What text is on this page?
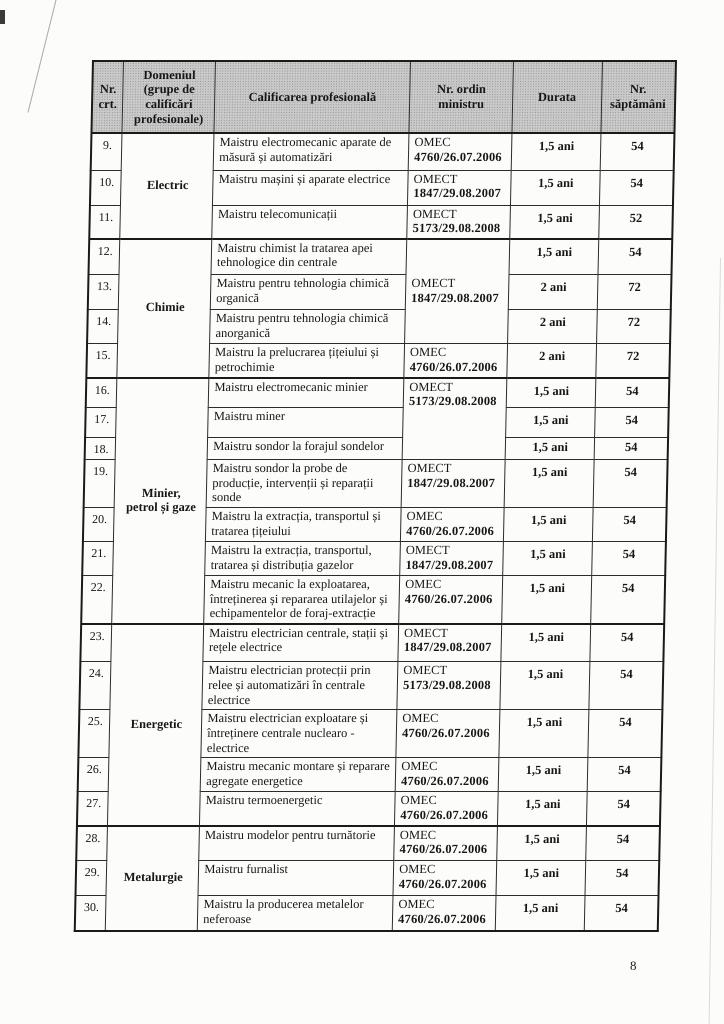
Nr.
crt.	Domeniul
(grupe de
calificări
profesionale)	Calificarea profesională	Nr. ordin
ministru	Durata	Nr.
săptămâni
9.	Electric	Maistru electromecanic aparate de măsură și automatizări	OMEC
4760/26.07.2006	1,5 ani	54
10.		Maistru mașini și aparate electrice	OMECT
1847/29.08.2007	1,5 ani	54
11.		Maistru telecomunicații	OMECT
5173/29.08.2008	1,5 ani	52
12.	Chimie	Maistru chimist la tratarea apei tehnologice din centrale	OMECT
1847/29.08.2007	1,5 ani	54
13.		Maistru pentru tehnologia chimică organică		2 ani	72
14.		Maistru pentru tehnologia chimică anorganică		2 ani	72
15.		Maistru la prelucrarea țițeiului și petrochimie	OMEC
4760/26.07.2006	2 ani	72
16.	Minier,
petrol și gaze	Maistru electromecanic minier	OMECT
5173/29.08.2008	1,5 ani	54
17.		Maistru miner		1,5 ani	54
18.		Maistru sondor la forajul sondelor		1,5 ani	54
19.		Maistru sondor la probe de producție, intervenții și reparații sonde	OMECT
1847/29.08.2007	1,5 ani	54
20.		Maistru la extracția, transportul și tratarea țițeiului	OMEC
4760/26.07.2006	1,5 ani	54
21.		Maistru la extracția, transportul, tratarea și distribuția gazelor	OMECT
1847/29.08.2007	1,5 ani	54
22.		Maistru mecanic la exploatarea, întreținerea și repararea utilajelor și echipamentelor de foraj-extracție	OMEC
4760/26.07.2006	1,5 ani	54
23.	Energetic	Maistru electrician centrale, stații și rețele electrice	OMECT
1847/29.08.2007	1,5 ani	54
24.		Maistru electrician protecții prin relee și automatizări în centrale electrice	OMECT
5173/29.08.2008	1,5 ani	54
25.		Maistru electrician exploatare și întreținere centrale nuclearo - electrice	OMEC
4760/26.07.2006	1,5 ani	54
26.		Maistru mecanic montare și reparare agregate energetice	OMEC
4760/26.07.2006	1,5 ani	54
27.		Maistru termoenergetic	OMEC
4760/26.07.2006	1,5 ani	54
28.	Metalurgie	Maistru modelor pentru turnătorie	OMEC
4760/26.07.2006	1,5 ani	54
29.		Maistru furnalist	OMEC
4760/26.07.2006	1,5 ani	54
30.		Maistru la producerea metalelor neferoase	OMEC
4760/26.07.2006	1,5 ani	54
8
